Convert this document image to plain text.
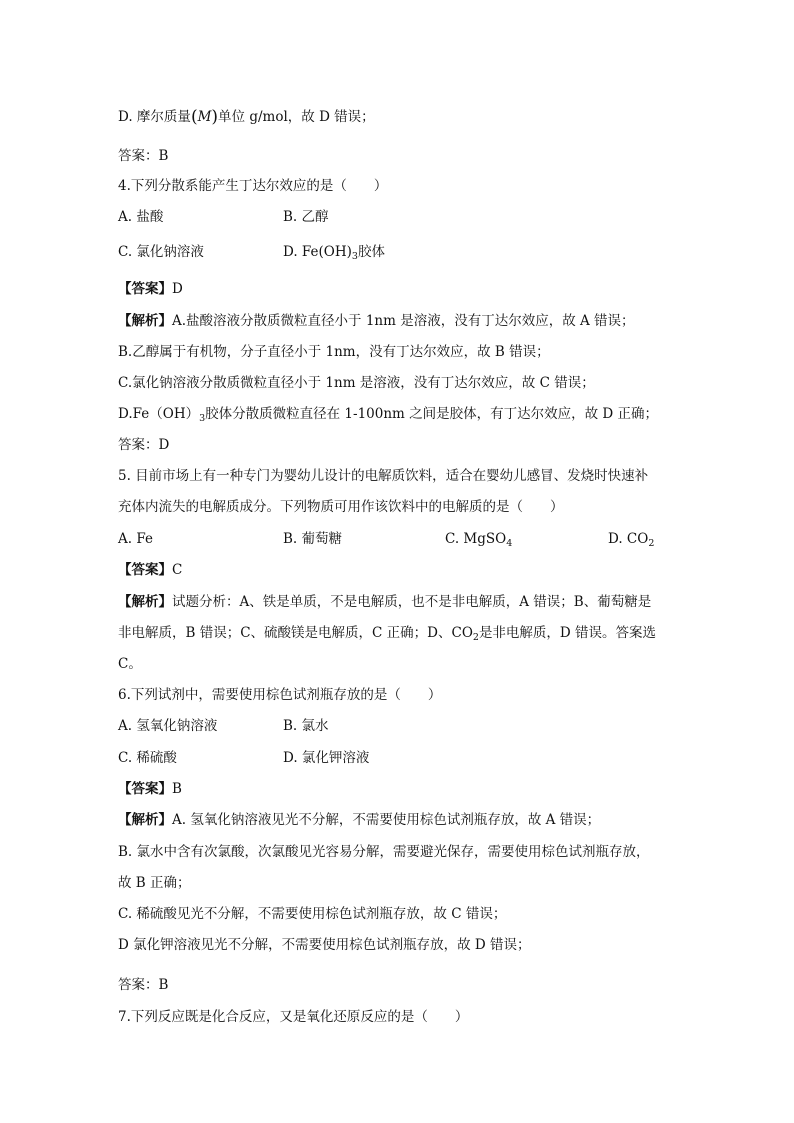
D. 摩尔质量(M)单位 g/mol，故 D 错误；
答案：B
4.下列分散系能产生丁达尔效应的是（　　）
A. 盐酸	B. 乙醇
C. 氯化钠溶液	D. $Fe(OH)_3$胶体
【答案】D
【解析】A.盐酸溶液分散质微粒直径小于 1nm 是溶液，没有丁达尔效应，故 A 错误；
B.乙醇属于有机物，分子直径小于 1nm，没有丁达尔效应，故 B 错误；
C.氯化钠溶液分散质微粒直径小于 1nm 是溶液，没有丁达尔效应，故 C 错误；
$D.Fe(OH)_3$胶体分散质微粒直径在 1-100nm 之间是胶体，有丁达尔效应，故 D 正确；
答案：D
5. 目前市场上有一种专门为婴幼儿设计的电解质饮料，适合在婴幼儿感冒、发烧时快速补
充体内流失的电解质成分。下列物质可用作该饮料中的电解质的是（　　）
A. Fe	B. 葡萄糖	C. MgSO$_4$	D. $CO_2$
【答案】C
【解析】试题分析：A、铁是单质，不是电解质，也不是非电解质，A 错误；B、葡萄糖是
非电解质，B 错误；C、硫酸镁是电解质，C 正确；D、$CO_2$是非电解质，D 错误。答案选
C。
6.下列试剂中，需要使用棕色试剂瓶存放的是（　　）
A. 氢氧化钠溶液	B. 氯水
C. 稀硫酸	D. 氯化钾溶液
【答案】B
【解析】A. 氢氧化钠溶液见光不分解，不需要使用棕色试剂瓶存放，故 A 错误；
B. 氯水中含有次氯酸，次氯酸见光容易分解，需要避光保存，需要使用棕色试剂瓶存放，
故 B 正确；
C. 稀硫酸见光不分解，不需要使用棕色试剂瓶存放，故 C 错误；
D 氯化钾溶液见光不分解，不需要使用棕色试剂瓶存放，故 D 错误；
答案：B
7.下列反应既是化合反应，又是氧化还原反应的是（　　）
